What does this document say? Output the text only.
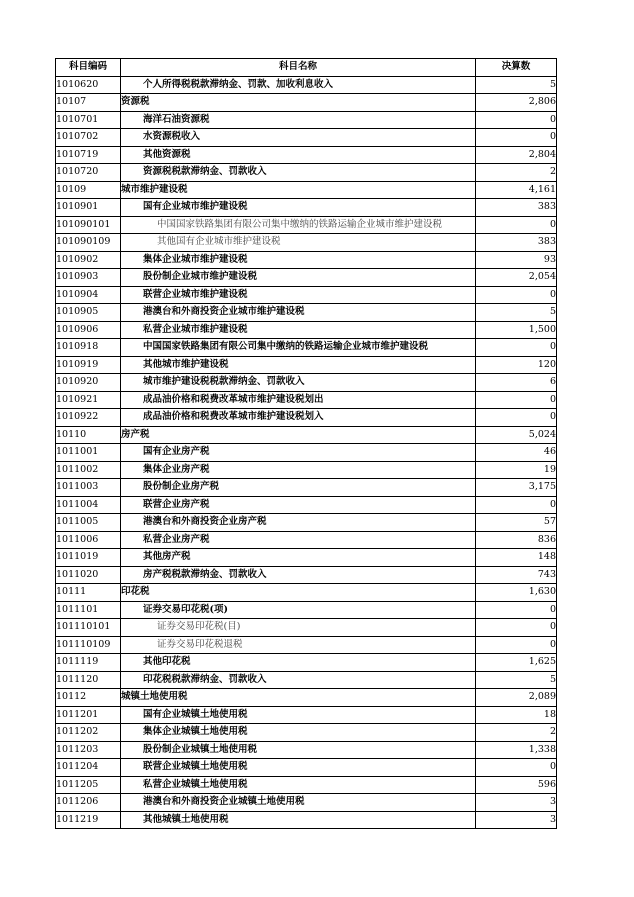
科目编码	科目名称	决算数
1010620	个人所得税税款滞纳金、罚款、加收利息收入	5
10107	资源税	2,806
1010701	海洋石油资源税	0
1010702	水资源税收入	0
1010719	其他资源税	2,804
1010720	资源税税款滞纳金、罚款收入	2
10109	城市维护建设税	4,161
1010901	国有企业城市维护建设税	383
101090101	中国国家铁路集团有限公司集中缴纳的铁路运输企业城市维护建设税	0
101090109	其他国有企业城市维护建设税	383
1010902	集体企业城市维护建设税	93
1010903	股份制企业城市维护建设税	2,054
1010904	联营企业城市维护建设税	0
1010905	港澳台和外商投资企业城市维护建设税	5
1010906	私营企业城市维护建设税	1,500
1010918	中国国家铁路集团有限公司集中缴纳的铁路运输企业城市维护建设税	0
1010919	其他城市维护建设税	120
1010920	城市维护建设税税款滞纳金、罚款收入	6
1010921	成品油价格和税费改革城市维护建设税划出	0
1010922	成品油价格和税费改革城市维护建设税划入	0
10110	房产税	5,024
1011001	国有企业房产税	46
1011002	集体企业房产税	19
1011003	股份制企业房产税	3,175
1011004	联营企业房产税	0
1011005	港澳台和外商投资企业房产税	57
1011006	私营企业房产税	836
1011019	其他房产税	148
1011020	房产税税款滞纳金、罚款收入	743
10111	印花税	1,630
1011101	证券交易印花税(项)	0
101110101	证券交易印花税(目)	0
101110109	证券交易印花税退税	0
1011119	其他印花税	1,625
1011120	印花税税款滞纳金、罚款收入	5
10112	城镇土地使用税	2,089
1011201	国有企业城镇土地使用税	18
1011202	集体企业城镇土地使用税	2
1011203	股份制企业城镇土地使用税	1,338
1011204	联营企业城镇土地使用税	0
1011205	私营企业城镇土地使用税	596
1011206	港澳台和外商投资企业城镇土地使用税	3
1011219	其他城镇土地使用税	3
